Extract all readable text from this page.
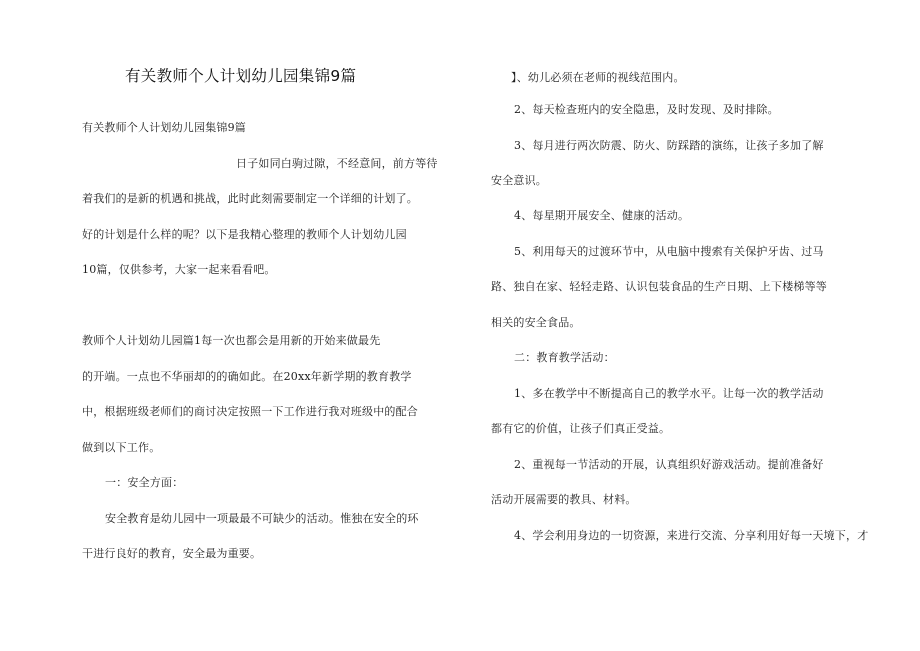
有关教师个人计划幼儿园集锦9篇
有关教师个人计划幼儿园集锦9篇
日子如同白驹过隙，不经意间，前方等待
着我们的是新的机遇和挑战，此时此刻需要制定一个详细的计划了。
好的计划是什么样的呢？以下是我精心整理的教师个人计划幼儿园
10篇，仅供参考，大家一起来看看吧。
教师个人计划幼儿园篇1每一次也都会是用新的开始来做最先
的开端。一点也不华丽却的的确如此。在20xx年新学期的教育教学
中，根据班级老师们的商讨决定按照一下工作进行我对班级中的配合
做到以下工作。
一：安全方面：
安全教育是幼儿园中一项最最不可缺少的活动。惟独在安全的环
干进行良好的教育，安全最为重要。
】、幼儿必须在老师的视线范围内。
2、每天检查班内的安全隐患，及时发现、及时排除。
3、每月进行两次防震、防火、防踩踏的演练，让孩子多加了解
安全意识。
4、每星期开展安全、健康的活动。
5、利用每天的过渡环节中，从电脑中搜索有关保护牙齿、过马
路、独自在家、轻轻走路、认识包装食品的生产日期、上下楼梯等等
相关的安全食品。
二：教育教学活动：
1、多在教学中不断提高自己的教学水平。让每一次的教学活动
都有它的价值，让孩子们真正受益。
2、重视每一节活动的开展，认真组织好游戏活动。提前准备好
活动开展需要的教具、材料。
4、学会利用身边的一切资源，来进行交流、分享利用好每一天境下，才
